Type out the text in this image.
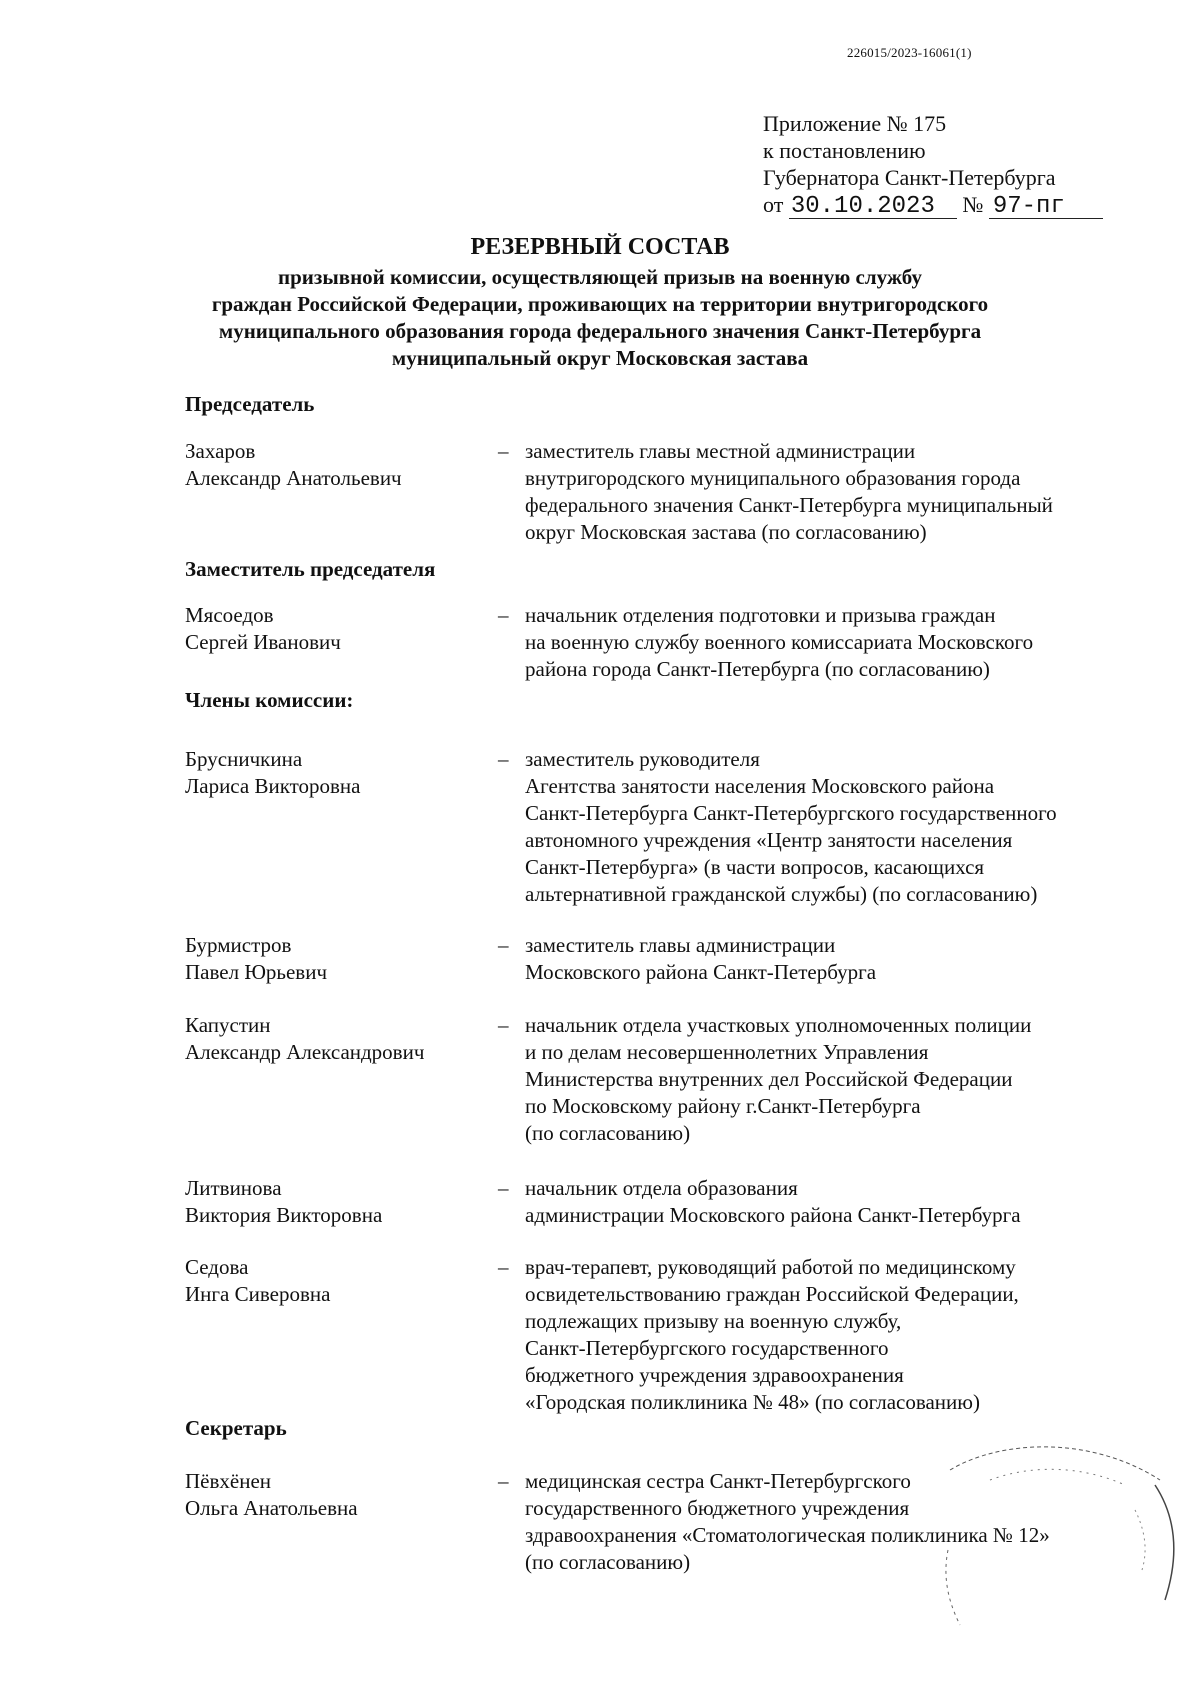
226015/2023-16061(1)
Приложение № 175
к постановлению
Губернатора Санкт-Петербурга
от 30.10.2023 № 97-пг
РЕЗЕРВНЫЙ СОСТАВ
призывной комиссии, осуществляющей призыв на военную службу
граждан Российской Федерации, проживающих на территории внутригородского
муниципального образования города федерального значения Санкт-Петербурга
муниципальный округ Московская застава
Председатель
Захаров
Александр Анатольевич
– заместитель главы местной администрации
внутригородского муниципального образования города
федерального значения Санкт-Петербурга муниципальный
округ Московская застава (по согласованию)
Заместитель председателя
Мясоедов
Сергей Иванович
– начальник отделения подготовки и призыва граждан
на военную службу военного комиссариата Московского
района города Санкт-Петербурга (по согласованию)
Члены комиссии:
Брусничкина
Лариса Викторовна
– заместитель руководителя
Агентства занятости населения Московского района
Санкт-Петербурга Санкт-Петербургского государственного
автономного учреждения «Центр занятости населения
Санкт-Петербурга» (в части вопросов, касающихся
альтернативной гражданской службы) (по согласованию)
Бурмистров
Павел Юрьевич
– заместитель главы администрации
Московского района Санкт-Петербурга
Капустин
Александр Александрович
– начальник отдела участковых уполномоченных полиции
и по делам несовершеннолетних Управления
Министерства внутренних дел Российской Федерации
по Московскому району г.Санкт-Петербурга
(по согласованию)
Литвинова
Виктория Викторовна
– начальник отдела образования
администрации Московского района Санкт-Петербурга
Седова
Инга Сиверовна
– врач-терапевт, руководящий работой по медицинскому
освидетельствованию граждан Российской Федерации,
подлежащих призыву на военную службу,
Санкт-Петербургского государственного
бюджетного учреждения здравоохранения
«Городская поликлиника № 48» (по согласованию)
Секретарь
Пёвхёнен
Ольга Анатольевна
– медицинская сестра Санкт-Петербургского
государственного бюджетного учреждения
здравоохранения «Стоматологическая поликлиника № 12»
(по согласованию)
